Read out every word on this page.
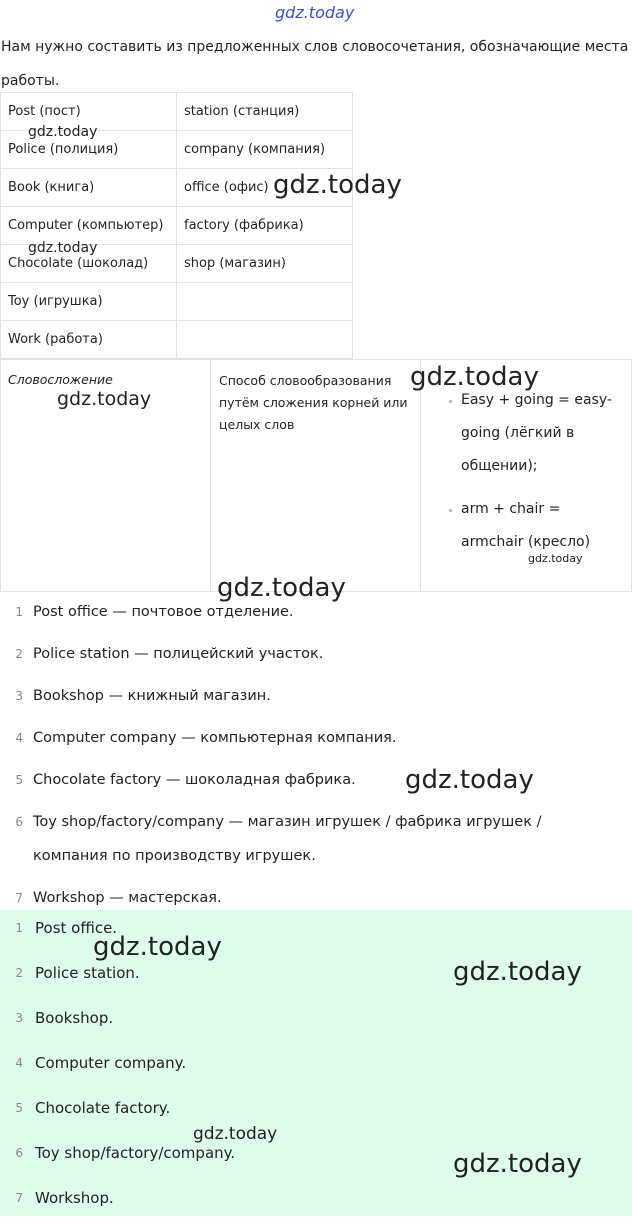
gdz.today
Нам нужно составить из предложенных слов словосочетания, обозначающие места работы.
Post (пост)	station (станция)
Police (полиция)	company (компания)
Book (книга)	office (офис)
Computer (компьютер)	factory (фабрика)
Chocolate (шоколад)	shop (магазин)
Toy (игрушка)	
Work (работа)	
Словосложение	Способ словообразования путём сложения корней или целых слов

• Easy + going = easy-going (лёгкий в общении);
• arm + chair = armchair (кресло)
1 Post office — почтовое отделение.
2 Police station — полицейский участок.
3 Bookshop — книжный магазин.
4 Computer company — компьютерная компания.
5 Chocolate factory — шоколадная фабрика.
6 Toy shop/factory/company — магазин игрушек / фабрика игрушек / компания по производству игрушек.
7 Workshop — мастерская.
1 Post office.
2 Police station.
3 Bookshop.
4 Computer company.
5 Chocolate factory.
6 Toy shop/factory/company.
7 Workshop.
gdz.today
gdz.today
gdz.today
gdz.today
gdz.today
gdz.today
gdz.today
gdz.today
gdz.today
gdz.today
gdz.today
gdz.today
